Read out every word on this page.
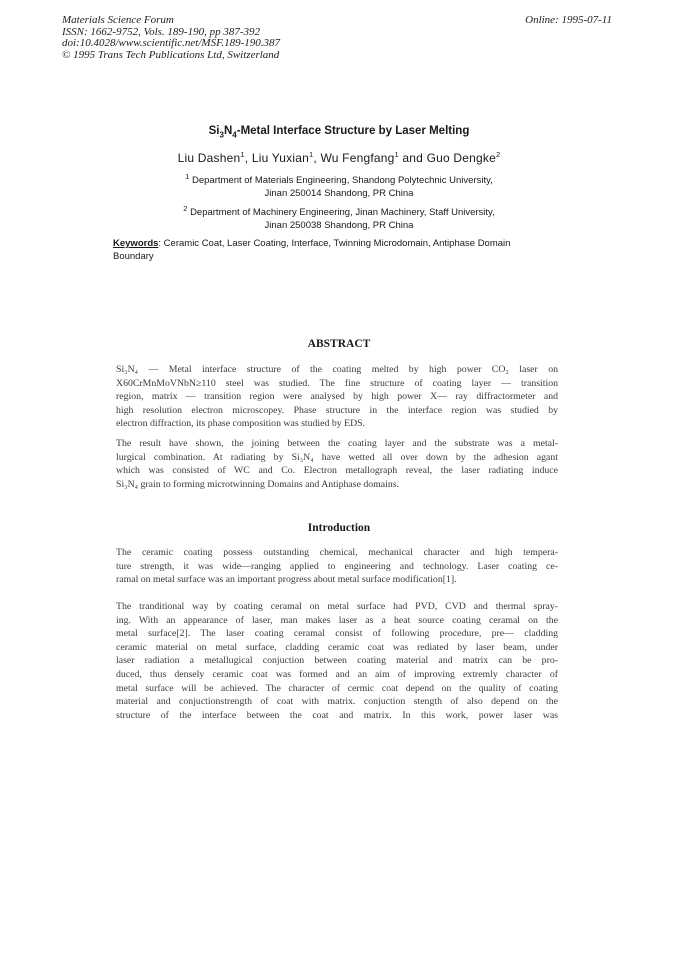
Materials Science Forum
ISSN: 1662-9752, Vols. 189-190, pp 387-392
doi:10.4028/www.scientific.net/MSF.189-190.387
© 1995 Trans Tech Publications Ltd, Switzerland
Online: 1995-07-11
$Si_3N_4$-Metal Interface Structure by Laser Melting
Liu Dashen$^1$, Liu Yuxian$^1$, Wu Fengfang$^1$ and Guo Dengke$^2$
$^1$ Department of Materials Engineering, Shandong Polytechnic University,
Jinan 250014 Shandong, PR China
$^2$ Department of Machinery Engineering, Jinan Machinery, Staff University,
Jinan 250038 Shandong, PR China
Keywords: Ceramic Coat, Laser Coating, Interface, Twinning Microdomain, Antiphase Domain
Boundary
ABSTRACT
Si₃N₄ — Metal interface structure of the coating melted by high power CO₂ laser on
X60CrMnMoVNbN≥110 steel was studied. The fine structure of coating layer — transition
region, matrix — transition region were analysed by high power X— ray diffractormeter and
high resolution electron microscopey. Phase structure in the interface region was studied by
electron diffraction, its phase composition was studied by EDS.
The result have shown, the joining between the coating layer and the substrate was a metal-
lurgical combination. At radiating by Si₃N₄ have wetted all over down by the adhesion agant
which was consisted of WC and Co. Electron metallograph reveal, the laser radiating induce
Si₃N₄ grain to forming microtwinning Domains and Antiphase domains.
Introduction
The ceramic coating possess outstanding chemical, mechanical character and high tempera-
ture strength, it was wide—ranging applied to engineering and technology. Laser coating ce-
ramal on metal surface was an important progress about metal surface modification[1].
The tranditional way by coating ceramal on metal surface had PVD, CVD and thermal spray-
ing. With an appearance of laser, man makes laser as a heat source coating ceramal on the
metal surface[2]. The laser coating ceramal consist of following procedure, pre— cladding
ceramic material on metal surface, cladding ceramic coat was rediated by laser beam, under
laser radiation a metallugical conjuction between coating material and matrix can be pro-
duced, thus densely ceramic coat was formed and an aim of improving extremly character of
metal surface will be achieved. The character of cermic coat depend on the quality of coating
material and conjuctionstrength of coat with matrix. conjuction stength of also depend on the
structure of the interface between the coat and matrix. In this work, power laser was
